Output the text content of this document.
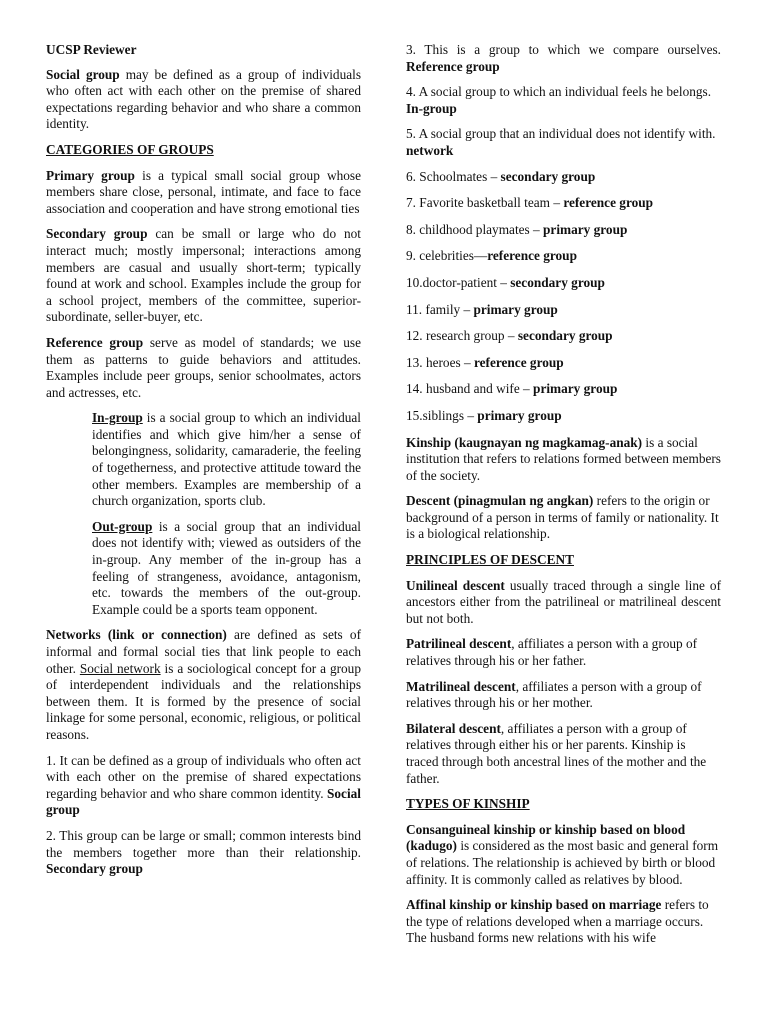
UCSP Reviewer

Social group may be defined as a group of individuals who often act with each other on the premise of shared expectations regarding behavior and who share a common identity.

CATEGORIES OF GROUPS

Primary group is a typical small social group whose members share close, personal, intimate, and face to face association and cooperation and have strong emotional ties

Secondary group can be small or large who do not interact much; mostly impersonal; interactions among members are casual and usually short-term; typically found at work and school. Examples include the group for a school project, members of the committee, superior-subordinate, seller-buyer, etc.

Reference group serve as model of standards; we use them as patterns to guide behaviors and attitudes. Examples include peer groups, senior schoolmates, actors and actresses, etc.

In-group is a social group to which an individual identifies and which give him/her a sense of belongingness, solidarity, camaraderie, the feeling of togetherness, and protective attitude toward the other members. Examples are membership of a church organization, sports club.

Out-group is a social group that an individual does not identify with; viewed as outsiders of the in-group. Any member of the in-group has a feeling of strangeness, avoidance, antagonism, etc. towards the members of the out-group. Example could be a sports team opponent.

Networks (link or connection) are defined as sets of informal and formal social ties that link people to each other. Social network is a sociological concept for a group of interdependent individuals and the relationships between them. It is formed by the presence of social linkage for some personal, economic, religious, or political reasons.

1. It can be defined as a group of individuals who often act with each other on the premise of shared expectations regarding behavior and who share common identity. Social group

2. This group can be large or small; common interests bind the members together more than their relationship. Secondary group

3. This is a group to which we compare ourselves. Reference group

4. A social group to which an individual feels he belongs. In-group

5. A social group that an individual does not identify with. network

6. Schoolmates – secondary group

7. Favorite basketball team – reference group

8. childhood playmates – primary group

9. celebrities—reference group

10.doctor-patient – secondary group

11. family – primary group

12. research group – secondary group

13. heroes – reference group

14. husband and wife – primary group

15.siblings – primary group

Kinship (kaugnayan ng magkamag-anak) is a social institution that refers to relations formed between members of the society.

Descent (pinagmulan ng angkan) refers to the origin or background of a person in terms of family or nationality. It is a biological relationship.

PRINCIPLES OF DESCENT

Unilineal descent usually traced through a single line of ancestors either from the patrilineal or matrilineal descent but not both.

Patrilineal descent, affiliates a person with a group of relatives through his or her father.

Matrilineal descent, affiliates a person with a group of relatives through his or her mother.

Bilateral descent, affiliates a person with a group of relatives through either his or her parents. Kinship is traced through both ancestral lines of the mother and the father.

TYPES OF KINSHIP

Consanguineal kinship or kinship based on blood (kadugo) is considered as the most basic and general form of relations. The relationship is achieved by birth or blood affinity. It is commonly called as relatives by blood.

Affinal kinship or kinship based on marriage refers to the type of relations developed when a marriage occurs. The husband forms new relations with his wife
